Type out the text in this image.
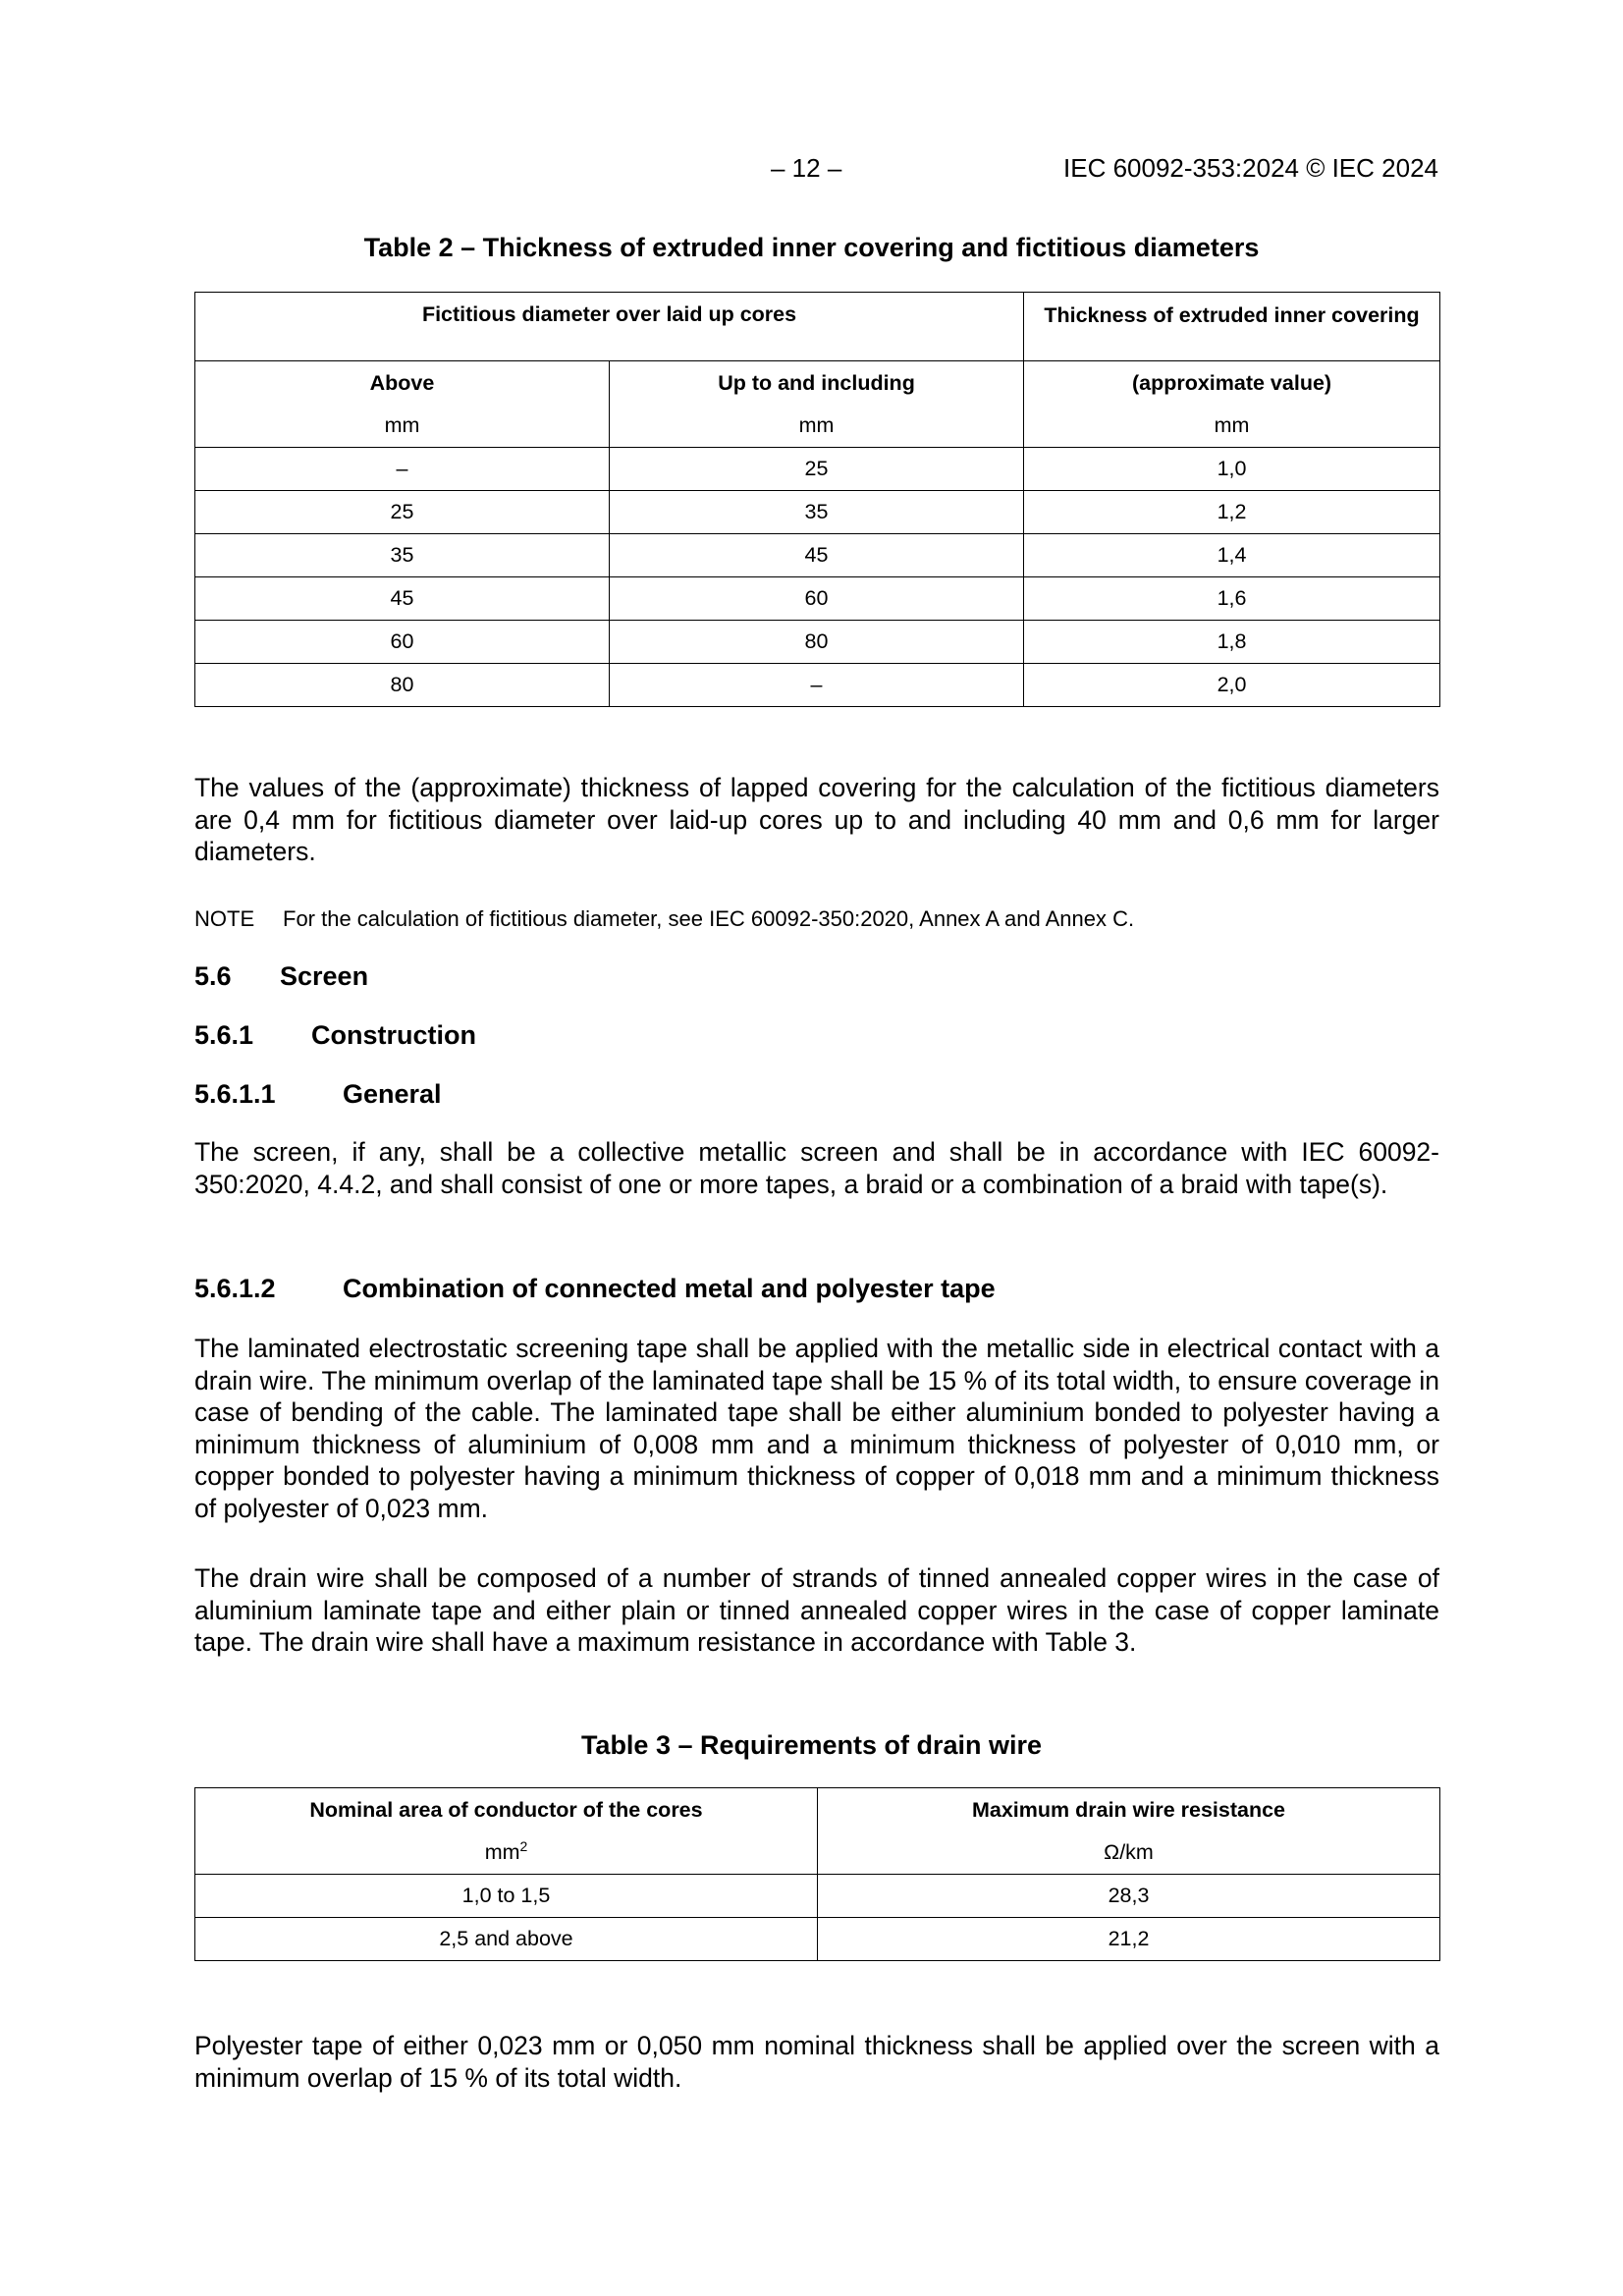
– 12 –	IEC 60092-353:2024 © IEC 2024
Table 2 – Thickness of extruded inner covering and fictitious diameters
Fictitious diameter over laid up cores		Thickness of extruded inner covering
Above	Up to and including	(approximate value)
mm	mm	mm
–	25	1,0
25	35	1,2
35	45	1,4
45	60	1,6
60	80	1,8
80	–	2,0
The values of the (approximate) thickness of lapped covering for the calculation of the fictitious diameters are 0,4 mm for fictitious diameter over laid-up cores up to and including 40 mm and 0,6 mm for larger diameters.
NOTE For the calculation of fictitious diameter, see IEC 60092-350:2020, Annex A and Annex C.
5.6 Screen
5.6.1 Construction
5.6.1.1	General
The screen, if any, shall be a collective metallic screen and shall be in accordance with IEC 60092-350:2020, 4.4.2, and shall consist of one or more tapes, a braid or a combination of a braid with tape(s).
5.6.1.2	Combination of connected metal and polyester tape
The laminated electrostatic screening tape shall be applied with the metallic side in electrical contact with a drain wire. The minimum overlap of the laminated tape shall be 15 % of its total width, to ensure coverage in case of bending of the cable. The laminated tape shall be either aluminium bonded to polyester having a minimum thickness of aluminium of 0,008 mm and a minimum thickness of polyester of 0,010 mm, or copper bonded to polyester having a minimum thickness of copper of 0,018 mm and a minimum thickness of polyester of 0,023 mm.
The drain wire shall be composed of a number of strands of tinned annealed copper wires in the case of aluminium laminate tape and either plain or tinned annealed copper wires in the case of copper laminate tape. The drain wire shall have a maximum resistance in accordance with Table 3.
Table 3 – Requirements of drain wire
Nominal area of conductor of the cores	Maximum drain wire resistance
$mm^2$	Ω/km
1,0 to 1,5	28,3
2,5 and above	21,2
Polyester tape of either 0,023 mm or 0,050 mm nominal thickness shall be applied over the screen with a minimum overlap of 15 % of its total width.
